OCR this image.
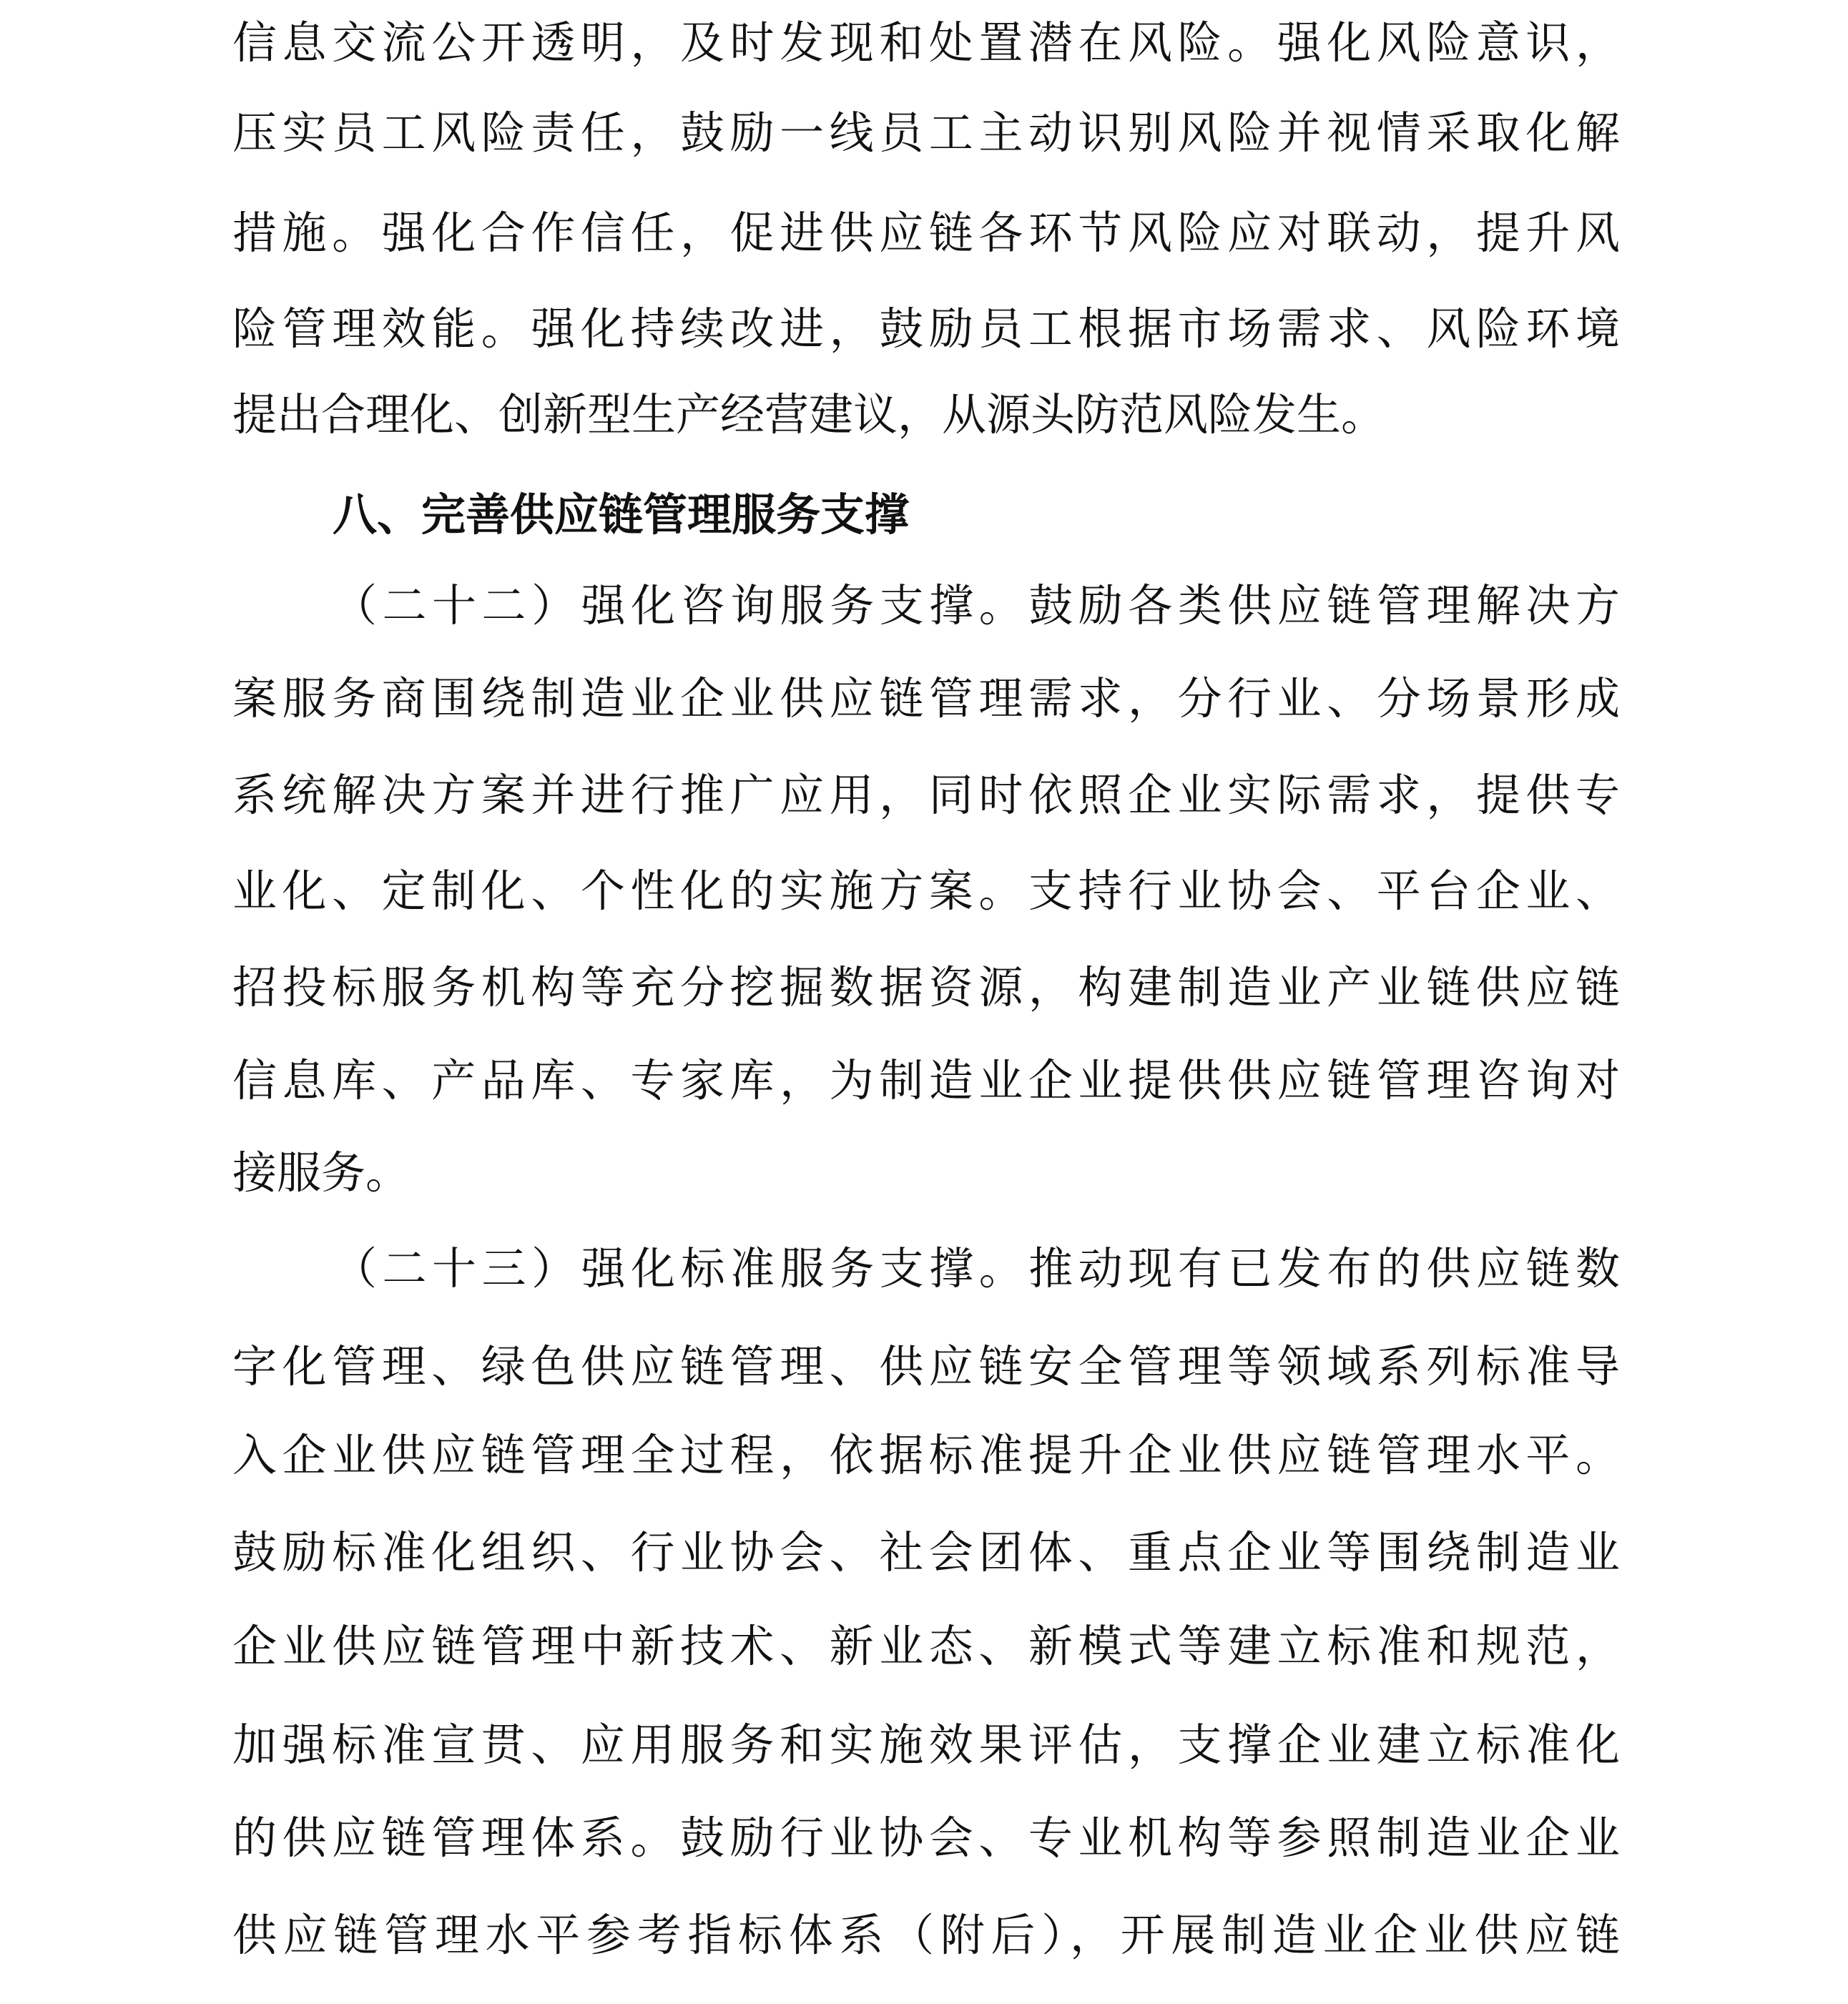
信息交流公开透明，及时发现和处置潜在风险。强化风险意识，
压实员工风险责任，鼓励一线员工主动识别风险并视情采取化解
措施。强化合作信任，促进供应链各环节风险应对联动，提升风
险管理效能。强化持续改进，鼓励员工根据市场需求、风险环境
提出合理化、创新型生产经营建议，从源头防范风险发生。
八、完善供应链管理服务支撑
（二十二）强化咨询服务支撑。鼓励各类供应链管理解决方
案服务商围绕制造业企业供应链管理需求，分行业、分场景形成
系统解决方案并进行推广应用，同时依照企业实际需求，提供专
业化、定制化、个性化的实施方案。支持行业协会、平台企业、
招投标服务机构等充分挖掘数据资源，构建制造业产业链供应链
信息库、产品库、专家库，为制造业企业提供供应链管理咨询对
接服务。
（二十三）强化标准服务支撑。推动现有已发布的供应链数
字化管理、绿色供应链管理、供应链安全管理等领域系列标准导
入企业供应链管理全过程，依据标准提升企业供应链管理水平。
鼓励标准化组织、行业协会、社会团体、重点企业等围绕制造业
企业供应链管理中新技术、新业态、新模式等建立标准和规范，
加强标准宣贯、应用服务和实施效果评估，支撑企业建立标准化
的供应链管理体系。鼓励行业协会、专业机构等参照制造业企业
供应链管理水平参考指标体系（附后），开展制造业企业供应链
